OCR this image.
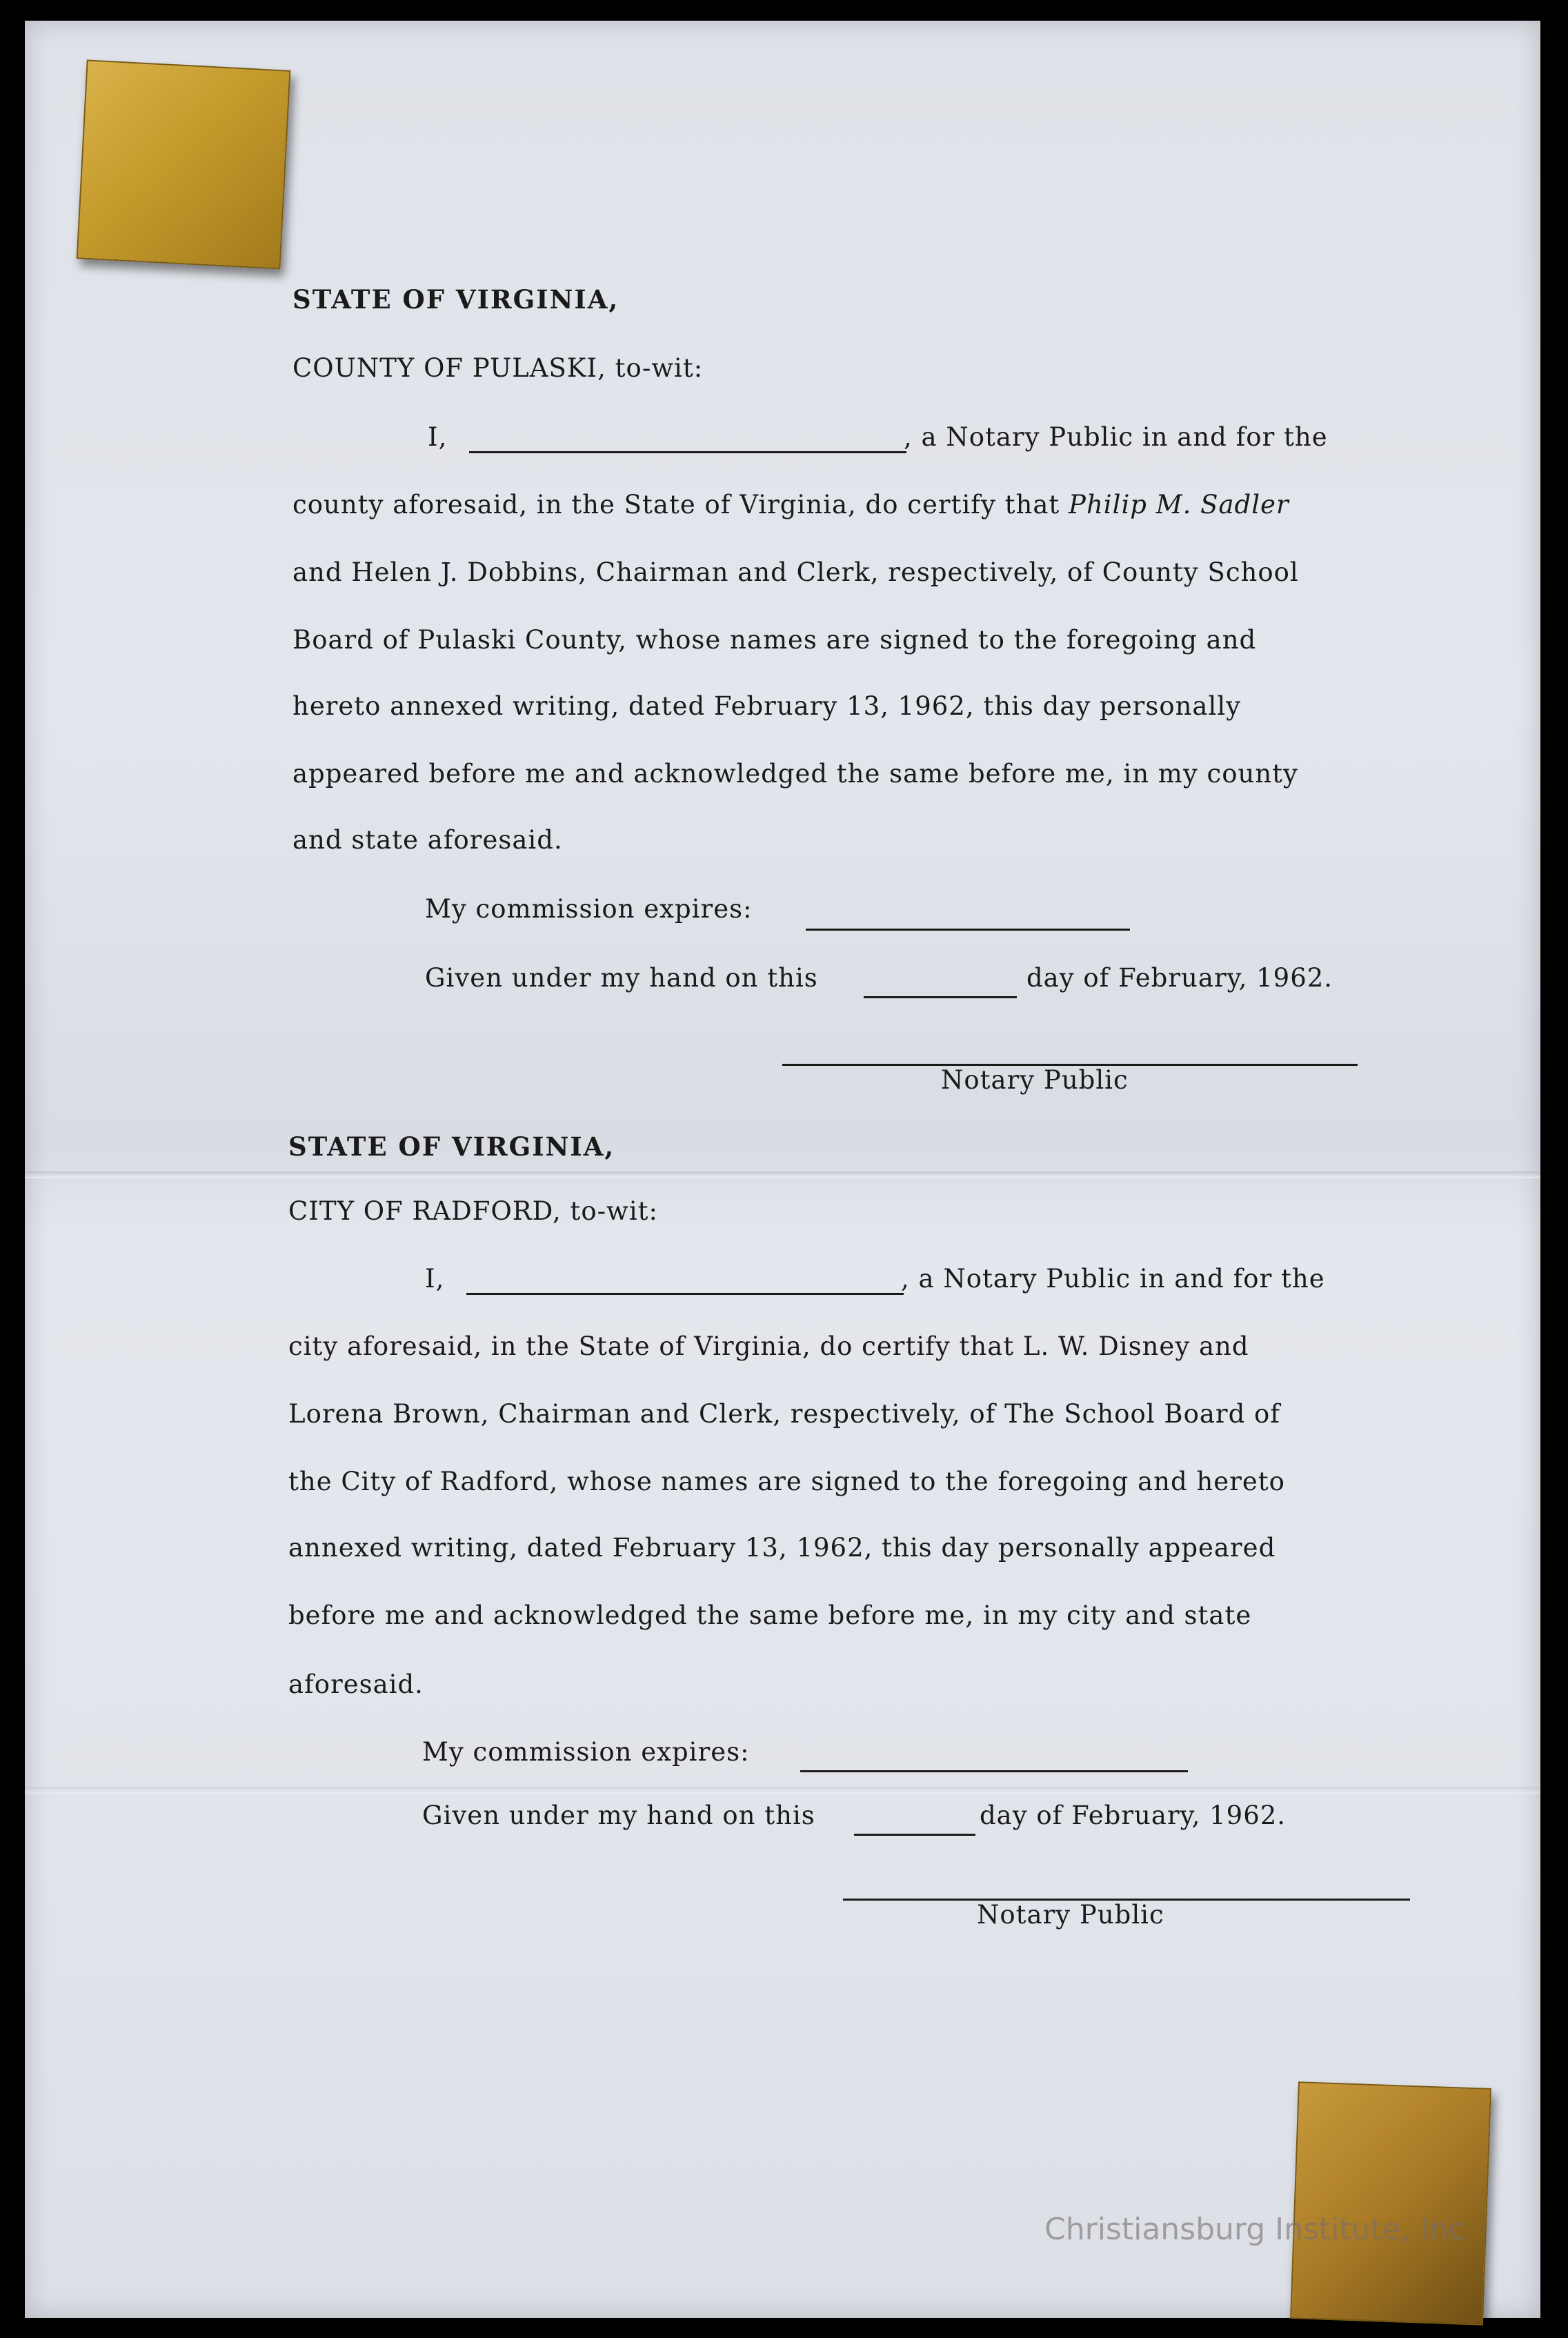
STATE OF VIRGINIA,
COUNTY OF PULASKI, to-wit:
I,	, a Notary Public in and for the
county aforesaid, in the State of Virginia, do certify that Philip M. Sadler
and Helen J. Dobbins, Chairman and Clerk, respectively, of County School
Board of Pulaski County, whose names are signed to the foregoing and
hereto annexed writing, dated February 13, 1962, this day personally
appeared before me and acknowledged the same before me, in my county
and state aforesaid.
My commission expires:
Given under my hand on this	day of February, 1962.
Notary Public
STATE OF VIRGINIA,
CITY OF RADFORD, to-wit:
I,	, a Notary Public in and for the
city aforesaid, in the State of Virginia, do certify that L. W. Disney and
Lorena Brown, Chairman and Clerk, respectively, of The School Board of
the City of Radford, whose names are signed to the foregoing and hereto
annexed writing, dated February 13, 1962, this day personally appeared
before me and acknowledged the same before me, in my city and state
aforesaid.
My commission expires:
Given under my hand on this	day of February, 1962.
Notary Public
Christiansburg Institute, Inc
